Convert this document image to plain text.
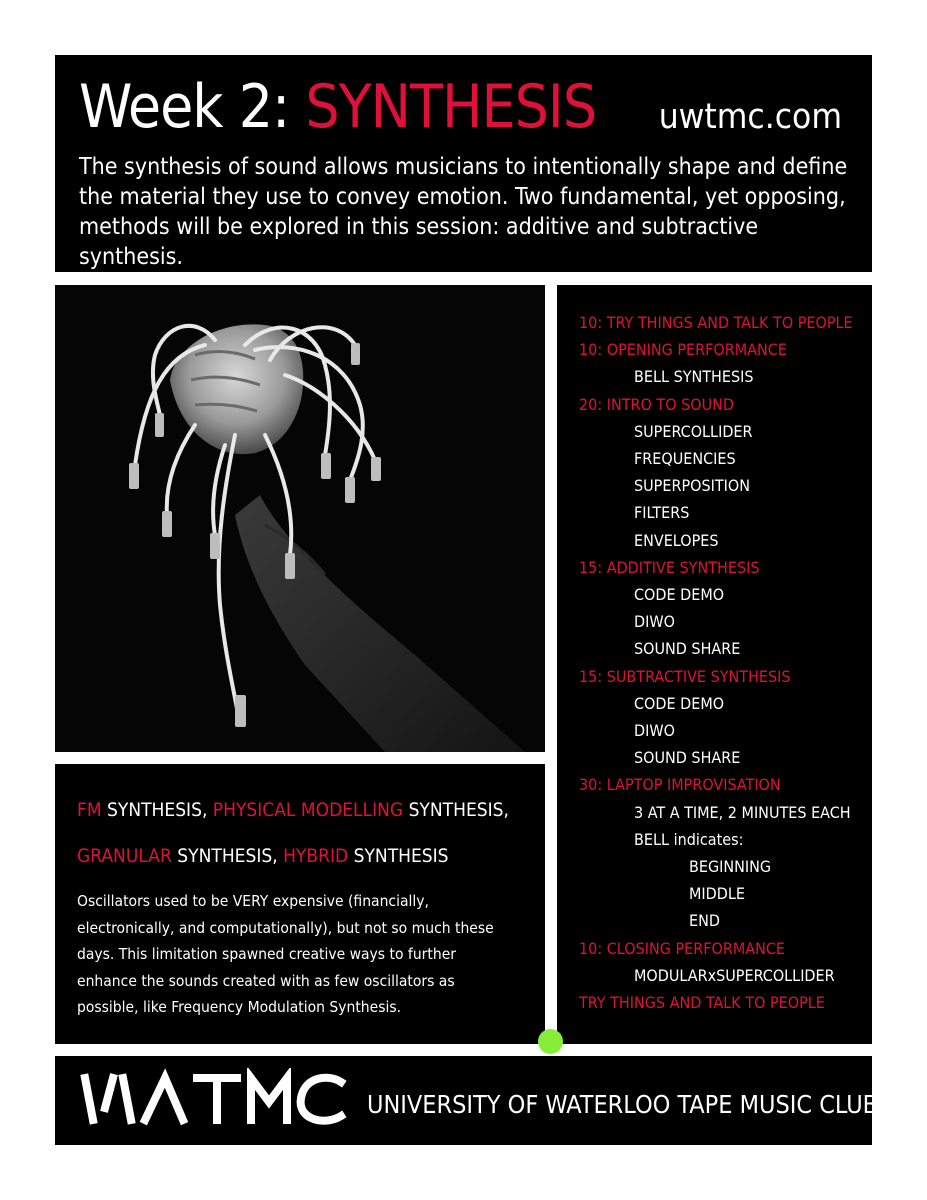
Week 2: SYNTHESIS uwtmc.com
The synthesis of sound allows musicians to intentionally shape and define the material they use to convey emotion. Two fundamental, yet opposing, methods will be explored in this session: additive and subtractive synthesis.
FM SYNTHESIS, PHYSICAL MODELLING SYNTHESIS,
GRANULAR SYNTHESIS, HYBRID SYNTHESIS
Oscillators used to be VERY expensive (financially, electronically, and computationally), but not so much these days. This limitation spawned creative ways to further enhance the sounds created with as few oscillators as possible, like Frequency Modulation Synthesis.
10: TRY THINGS AND TALK TO PEOPLE
10: OPENING PERFORMANCE
BELL SYNTHESIS
20: INTRO TO SOUND
SUPERCOLLIDER
FREQUENCIES
SUPERPOSITION
FILTERS
ENVELOPES
15: ADDITIVE SYNTHESIS
CODE DEMO
DIWO
SOUND SHARE
15: SUBTRACTIVE SYNTHESIS
CODE DEMO
DIWO
SOUND SHARE
30: LAPTOP IMPROVISATION
3 AT A TIME, 2 MINUTES EACH
BELL indicates:
BEGINNING
MIDDLE
END
10: CLOSING PERFORMANCE
MODULARxSUPERCOLLIDER
TRY THINGS AND TALK TO PEOPLE
UWTMC
UNIVERSITY OF WATERLOO TAPE MUSIC CLUB
